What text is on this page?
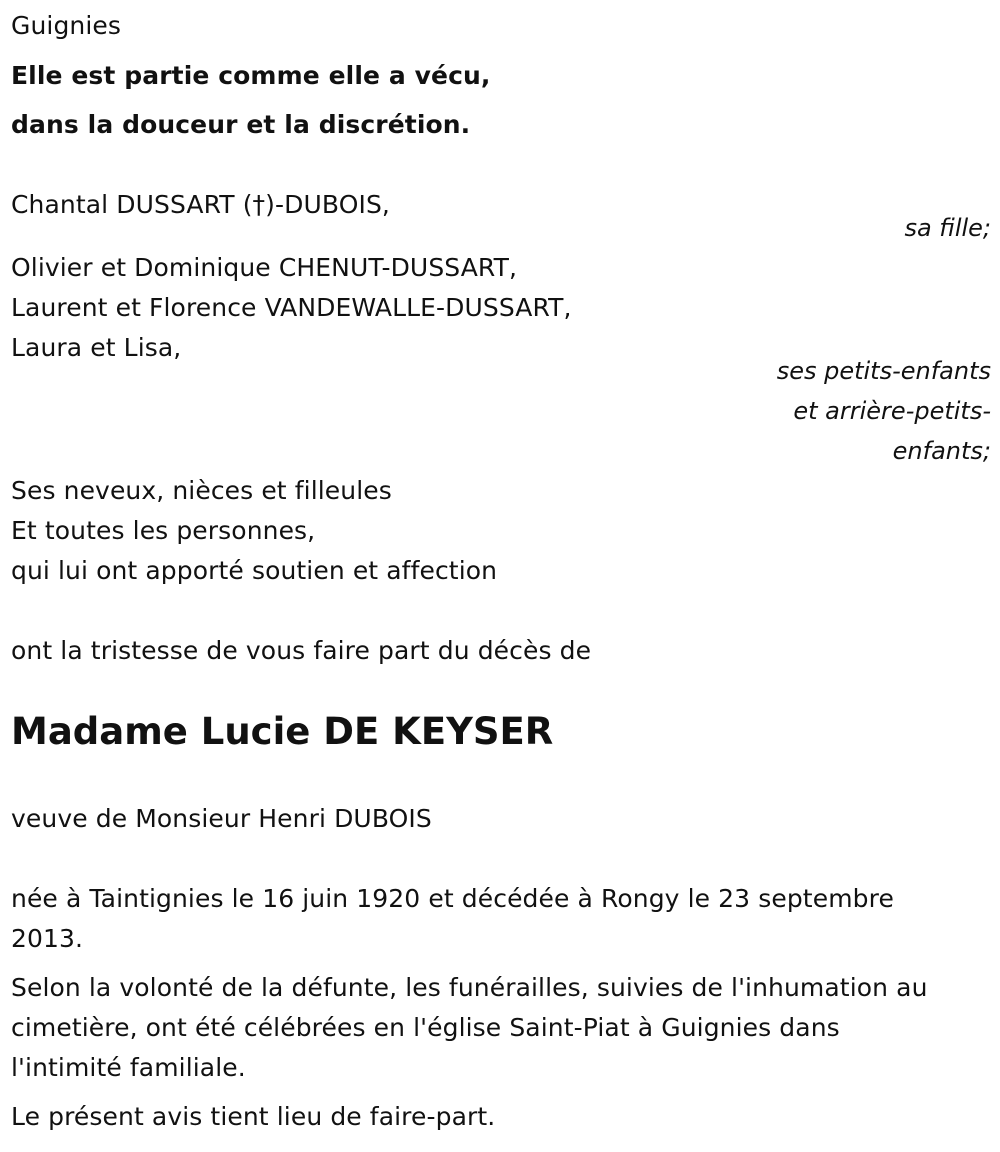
Guignies
Elle est partie comme elle a vécu,
dans la douceur et la discrétion.
Chantal DUSSART (†)-DUBOIS,
sa fille;
Olivier et Dominique CHENUT-DUSSART,
Laurent et Florence VANDEWALLE-DUSSART,
Laura et Lisa,
ses petits-enfants
et arrière-petits-
enfants;
Ses neveux, nièces et filleules
Et toutes les personnes,
qui lui ont apporté soutien et affection
ont la tristesse de vous faire part du décès de
Madame Lucie DE KEYSER
veuve de Monsieur Henri DUBOIS
née à Taintignies le 16 juin 1920 et décédée à Rongy le 23 septembre
2013.
Selon la volonté de la défunte, les funérailles, suivies de l'inhumation au
cimetière, ont été célébrées en l'église Saint-Piat à Guignies dans
l'intimité familiale.
Le présent avis tient lieu de faire-part.
